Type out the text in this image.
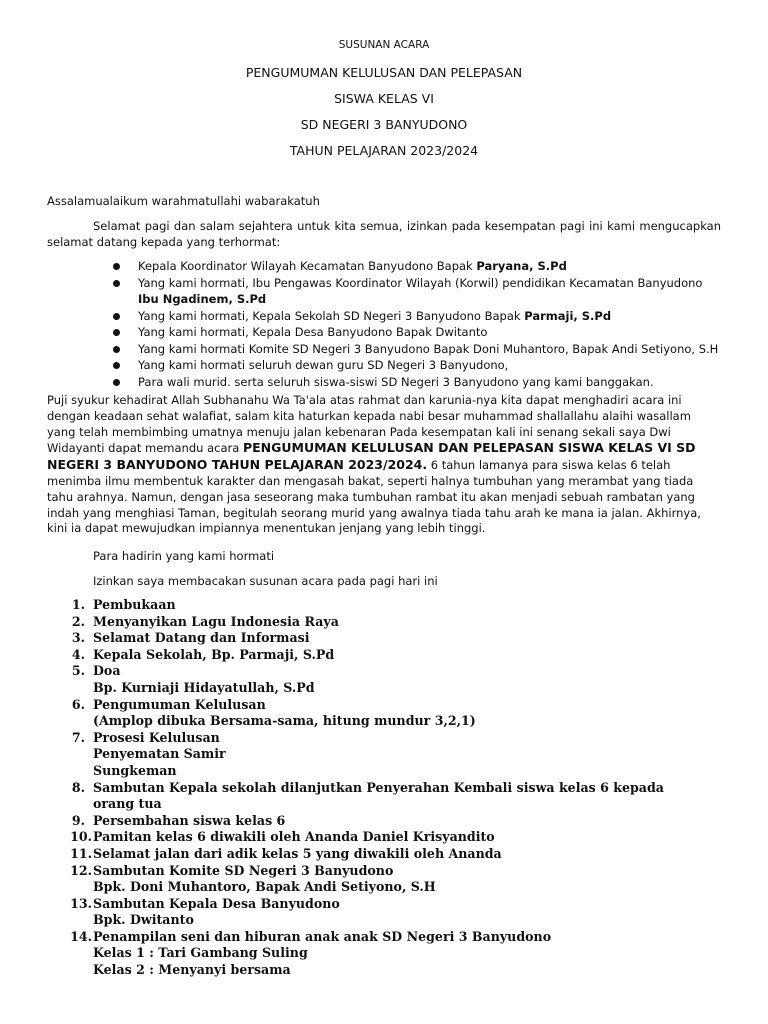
SUSUNAN ACARA
PENGUMUMAN KELULUSAN DAN PELEPASAN
SISWA KELAS VI
SD NEGERI 3 BANYUDONO
TAHUN PELAJARAN 2023/2024
Assalamualaikum warahmatullahi wabarakatuh
Selamat pagi dan salam sejahtera untuk kita semua, izinkan pada kesempatan pagi ini kami mengucapkan selamat datang kepada yang terhormat:
Kepala Koordinator Wilayah Kecamatan Banyudono Bapak Paryana, S.Pd
Yang kami hormati, Ibu Pengawas Koordinator Wilayah (Korwil) pendidikan Kecamatan Banyudono Ibu Ngadinem, S.Pd
Yang kami hormati, Kepala Sekolah SD Negeri 3 Banyudono Bapak Parmaji, S.Pd
Yang kami hormati, Kepala Desa Banyudono Bapak Dwitanto
Yang kami hormati Komite SD Negeri 3 Banyudono Bapak Doni Muhantoro, Bapak Andi Setiyono, S.H
Yang kami hormati seluruh dewan guru SD Negeri 3 Banyudono,
Para wali murid. serta seluruh siswa-siswi SD Negeri 3 Banyudono yang kami banggakan.
Puji syukur kehadirat Allah Subhanahu Wa Ta'ala atas rahmat dan karunia-nya kita dapat menghadiri acara ini dengan keadaan sehat walafiat, salam kita haturkan kepada nabi besar muhammad shallallahu alaihi wasallam yang telah membimbing umatnya menuju jalan kebenaran Pada kesempatan kali ini senang sekali saya Dwi Widayanti dapat memandu acara PENGUMUMAN KELULUSAN DAN PELEPASAN SISWA KELAS VI SD NEGERI 3 BANYUDONO TAHUN PELAJARAN 2023/2024. 6 tahun lamanya para siswa kelas 6 telah menimba ilmu membentuk karakter dan mengasah bakat, seperti halnya tumbuhan yang merambat yang tiada tahu arahnya. Namun, dengan jasa seseorang maka tumbuhan rambat itu akan menjadi sebuah rambatan yang indah yang menghiasi Taman, begitulah seorang murid yang awalnya tiada tahu arah ke mana ia jalan. Akhirnya, kini ia dapat mewujudkan impiannya menentukan jenjang yang lebih tinggi.
Para hadirin yang kami hormati
Izinkan saya membacakan susunan acara pada pagi hari ini
1. Pembukaan
2. Menyanyikan Lagu Indonesia Raya
3. Selamat Datang dan Informasi
4. Kepala Sekolah, Bp. Parmaji, S.Pd
5. Doa
Bp. Kurniaji Hidayatullah, S.Pd
6. Pengumuman Kelulusan
(Amplop dibuka Bersama-sama, hitung mundur 3,2,1)
7. Prosesi Kelulusan
Penyematan Samir
Sungkeman
8. Sambutan Kepala sekolah dilanjutkan Penyerahan Kembali siswa kelas 6 kepada
orang tua
9. Persembahan siswa kelas 6
10. Pamitan kelas 6 diwakili oleh Ananda Daniel Krisyandito
11. Selamat jalan dari adik kelas 5 yang diwakili oleh Ananda
12. Sambutan Komite SD Negeri 3 Banyudono
Bpk. Doni Muhantoro, Bapak Andi Setiyono, S.H
13. Sambutan Kepala Desa Banyudono
Bpk. Dwitanto
14. Penampilan seni dan hiburan anak anak SD Negeri 3 Banyudono
Kelas 1 : Tari Gambang Suling
Kelas 2 : Menyanyi bersama
